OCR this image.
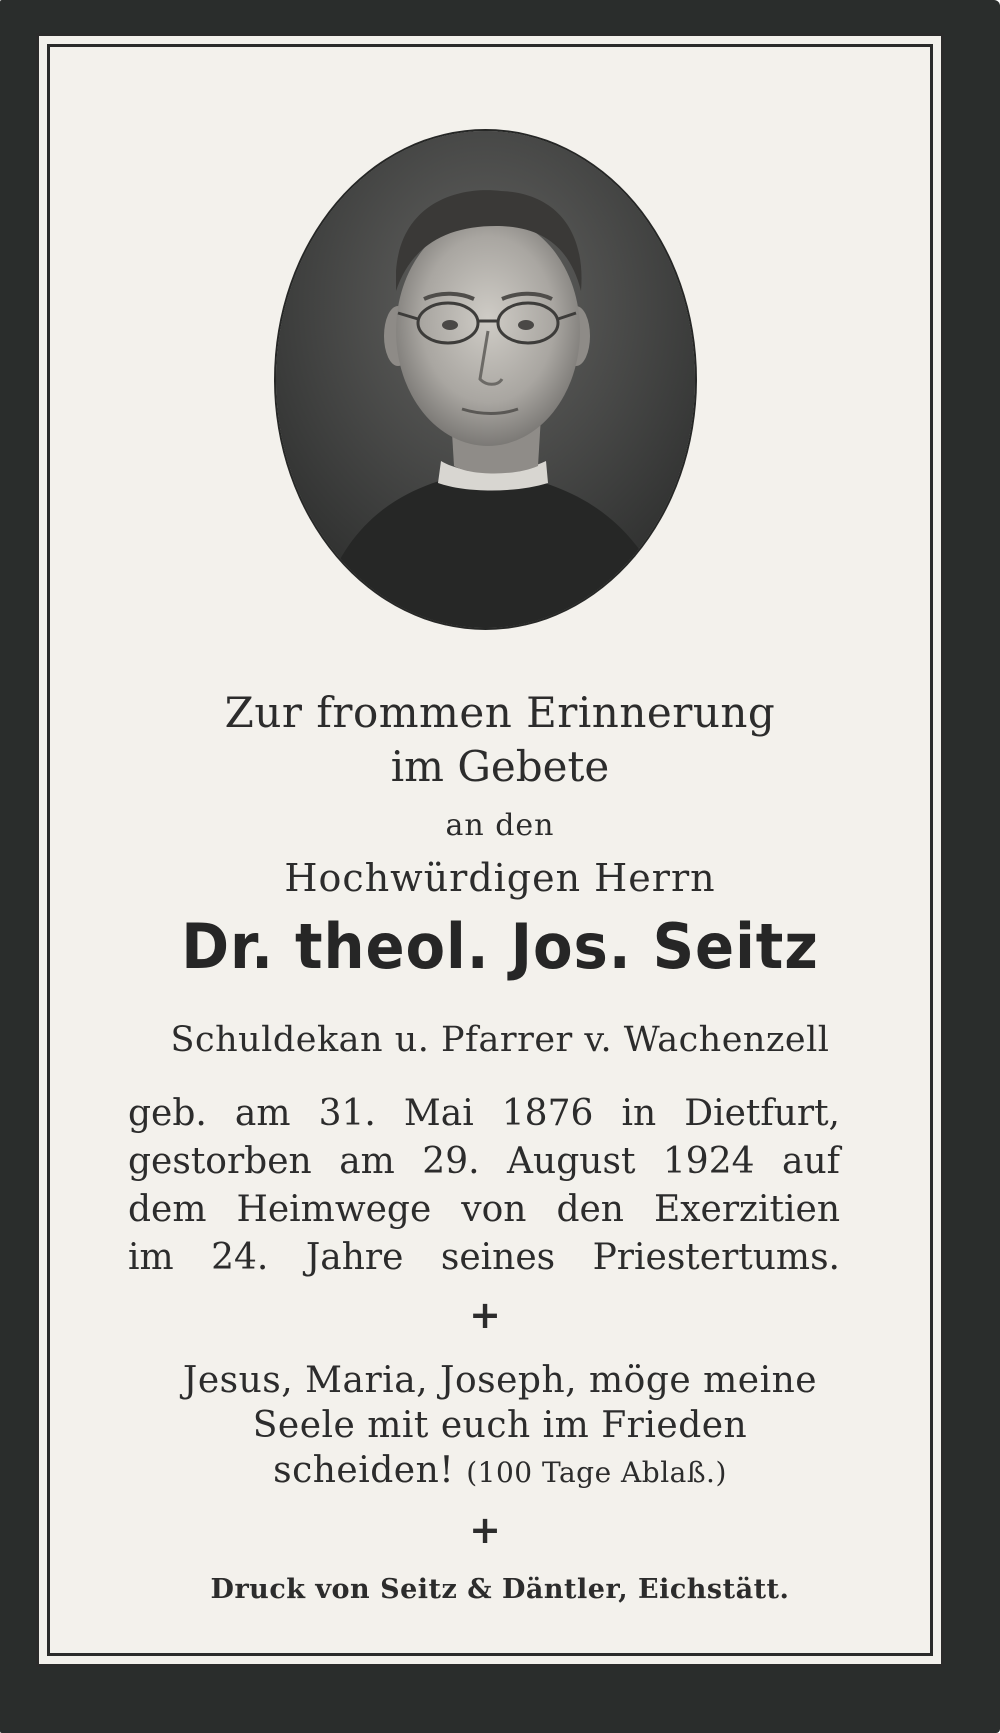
Zur frommen Erinnerung
im Gebete
an den
Hochwürdigen Herrn
Dr. theol. Jos. Seitz
Schuldekan u. Pfarrer v. Wachenzell
geb. am 31. Mai 1876 in Dietfurt,
gestorben am 29. August 1924 auf
dem Heimwege von den Exerzitien
im 24. Jahre seines Priestertums.
+
Jesus, Maria, Joseph, möge meine
Seele mit euch im Frieden
scheiden! (100 Tage Ablaß.)
+
Druck von Seitz & Däntler, Eichstätt.
